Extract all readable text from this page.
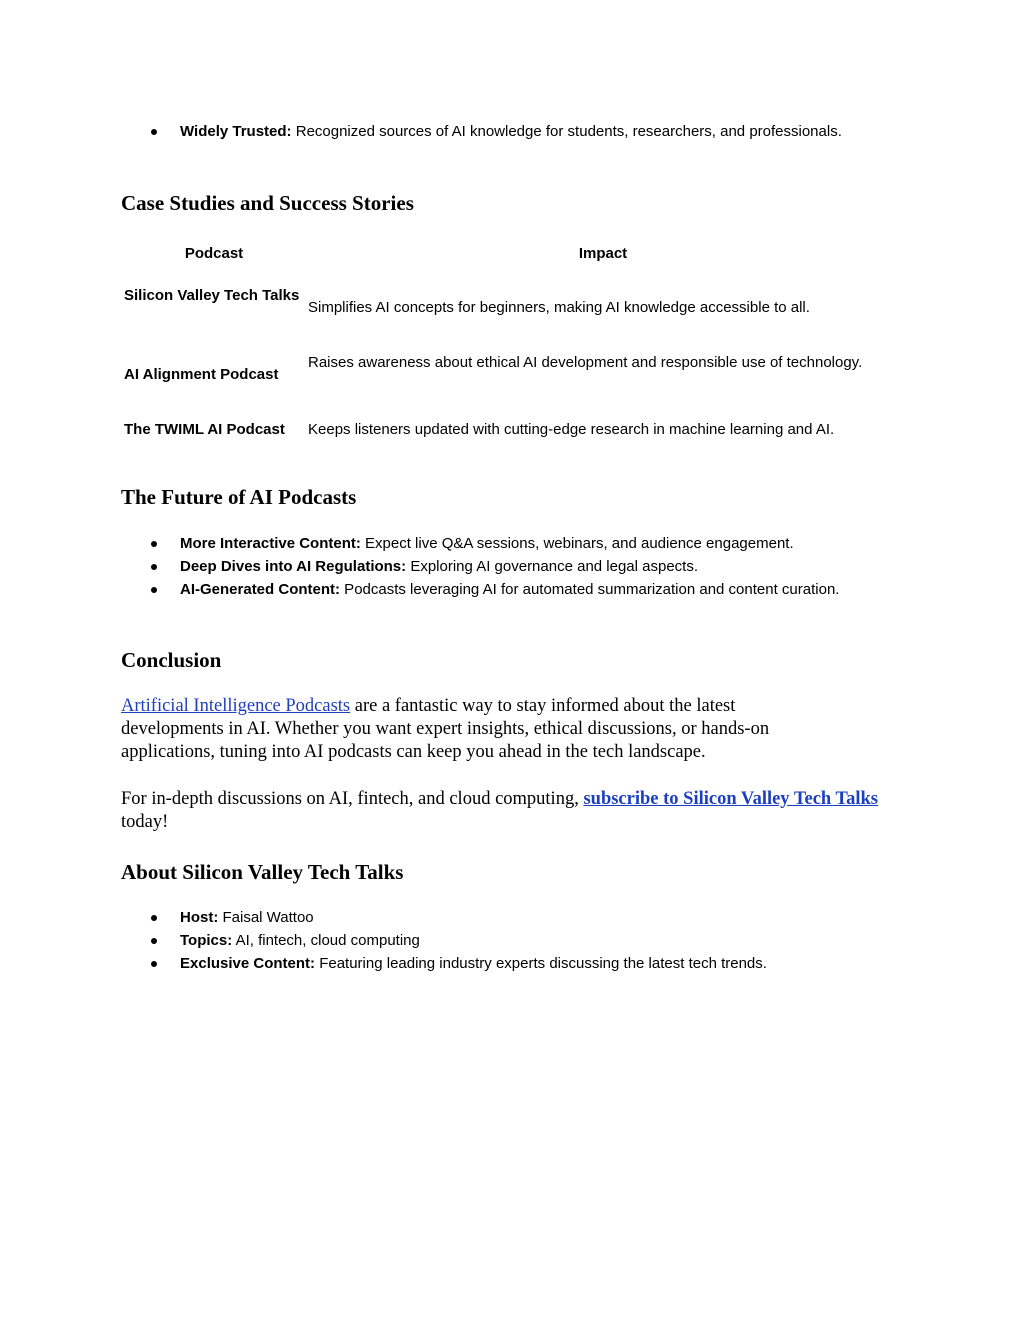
Widely Trusted: Recognized sources of AI knowledge for students, researchers, and professionals.
Case Studies and Success Stories
Podcast	Impact
Silicon Valley Tech Talks
Simplifies AI concepts for beginners, making AI knowledge accessible to all.
AI Alignment Podcast
Raises awareness about ethical AI development and responsible use of technology.
The TWIML AI Podcast	Keeps listeners updated with cutting-edge research in machine learning and AI.
The Future of AI Podcasts
More Interactive Content: Expect live Q&A sessions, webinars, and audience engagement.
Deep Dives into AI Regulations: Exploring AI governance and legal aspects.
AI-Generated Content: Podcasts leveraging AI for automated summarization and content curation.
Conclusion

Artificial Intelligence Podcasts are a fantastic way to stay informed about the latest developments in AI. Whether you want expert insights, ethical discussions, or hands-on applications, tuning into AI podcasts can keep you ahead in the tech landscape.

For in-depth discussions on AI, fintech, and cloud computing, subscribe to Silicon Valley Tech Talks today!

About Silicon Valley Tech Talks
Host: Faisal Wattoo
Topics: AI, fintech, cloud computing
Exclusive Content: Featuring leading industry experts discussing the latest tech trends.
